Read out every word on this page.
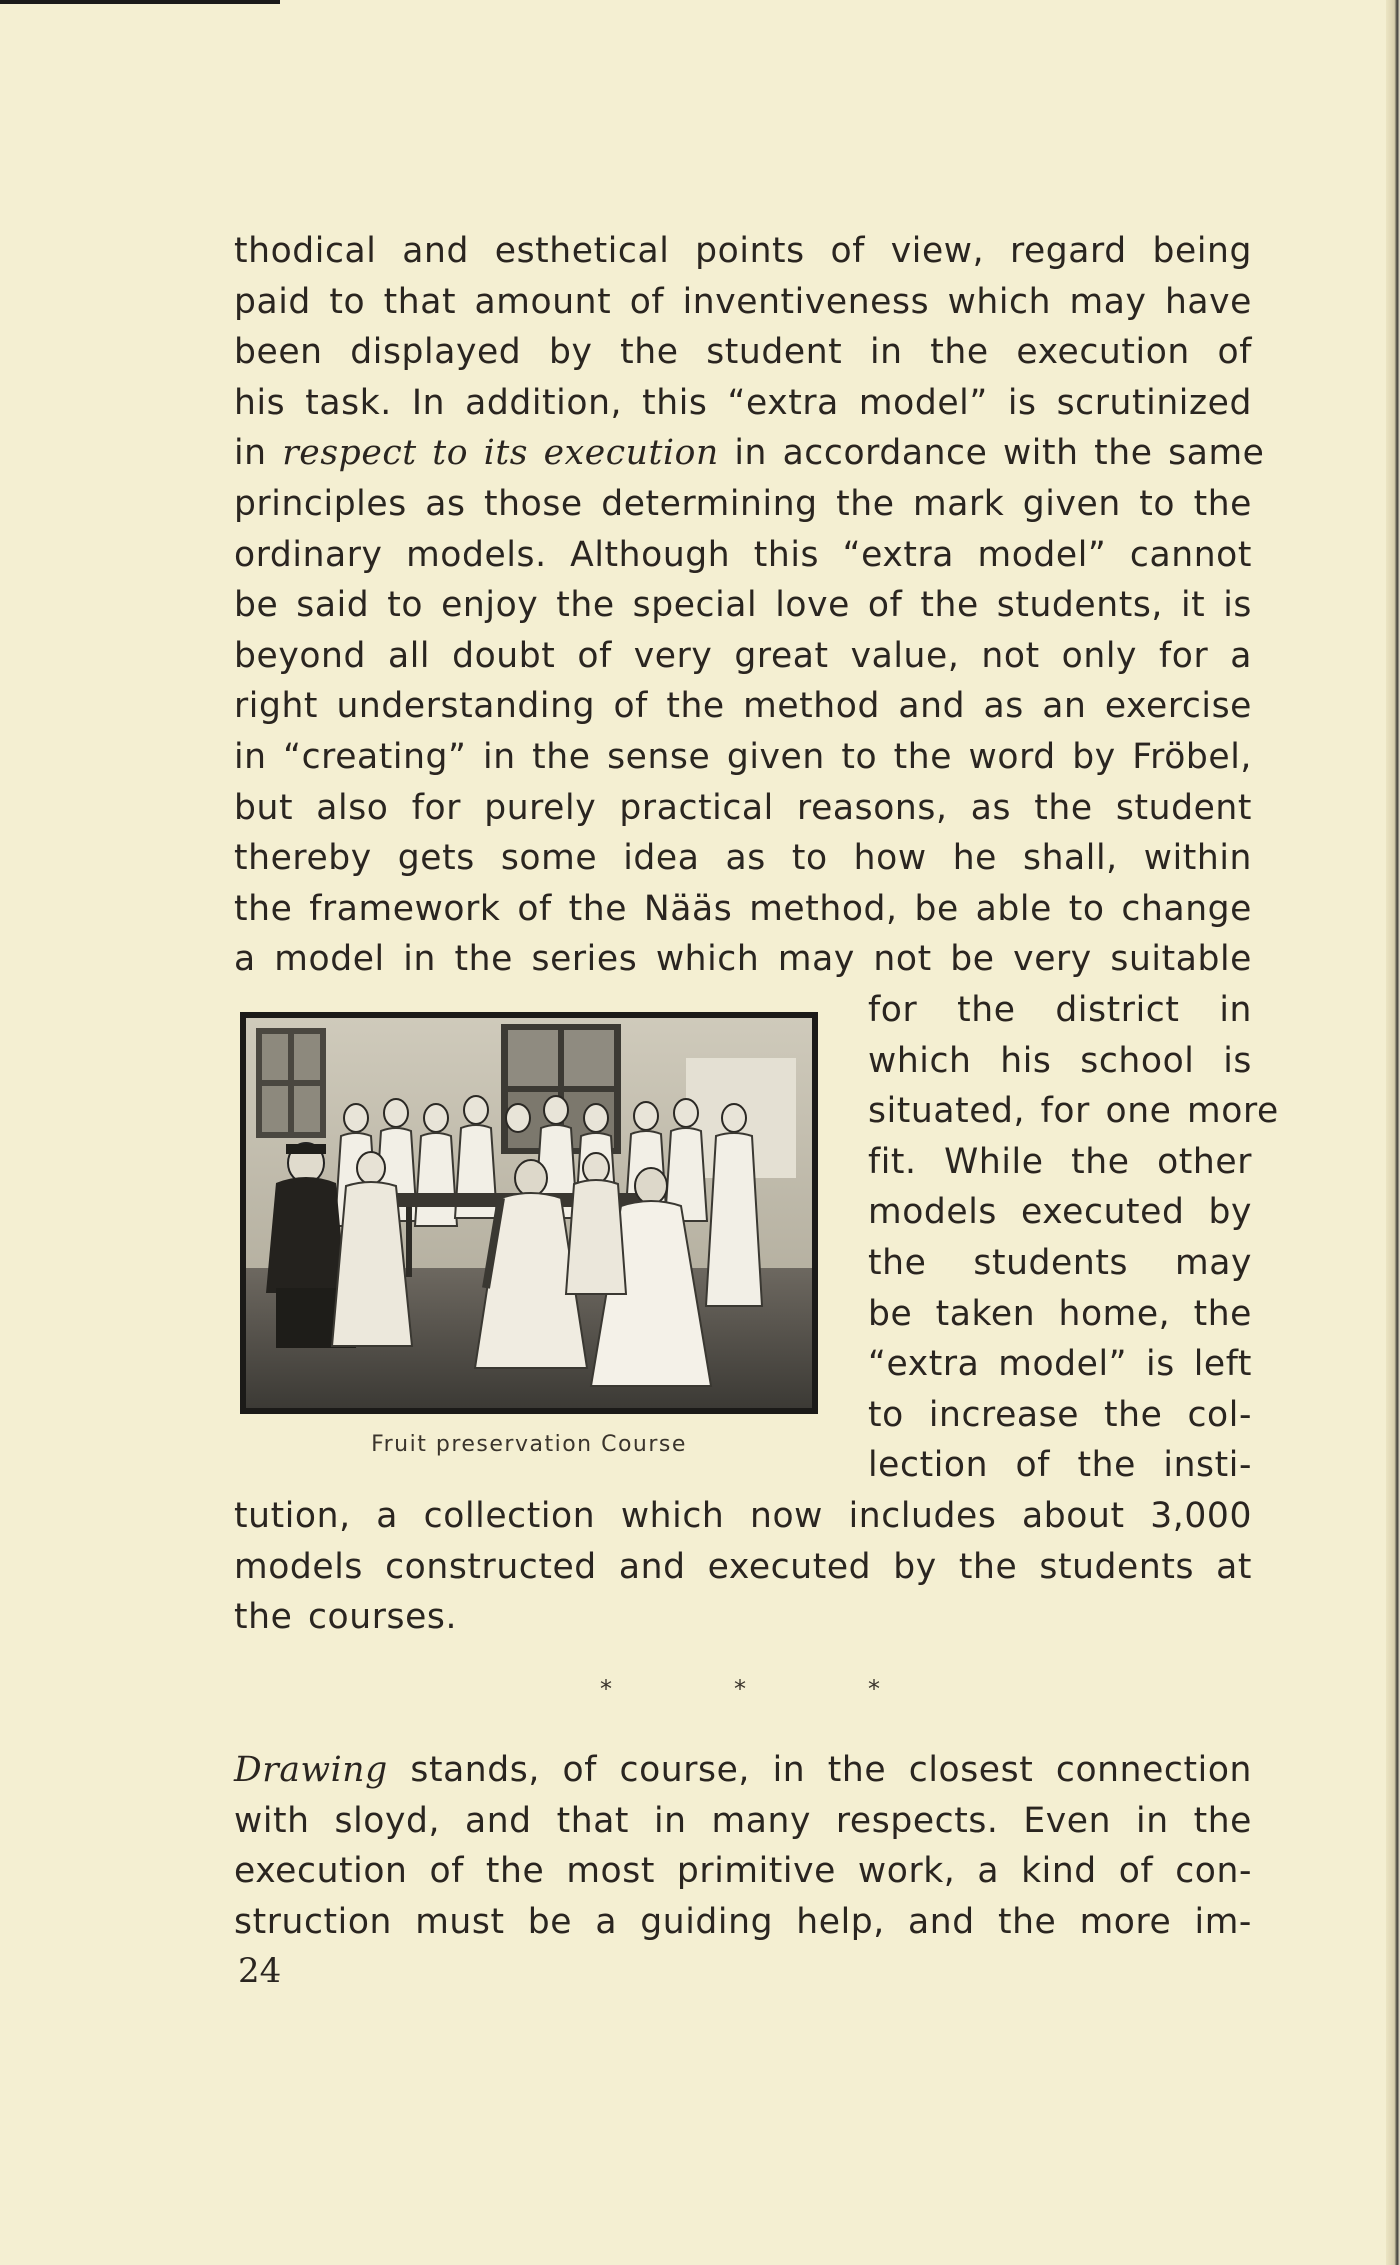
thodical and esthetical points of view, regard being
paid to that amount of inventiveness which may have
been displayed by the student in the execution of
his task. In addition, this “extra model” is scrutinized
in respect to its execution in accordance with the same
principles as those determining the mark given to the
ordinary models. Although this “extra model” cannot
be said to enjoy the special love of the students, it is
beyond all doubt of very great value, not only for a
right understanding of the method and as an exercise
in “creating” in the sense given to the word by Fröbel,
but also for purely practical reasons, as the student
thereby gets some idea as to how he shall, within
the framework of the Nääs method, be able to change
a model in the series which may not be very suitable
for the district in
which his school is
situated, for one more
fit. While the other
models executed by
the students may
be taken home, the
“extra model” is left
to increase the col-
lection of the insti-
tution, a collection which now includes about 3,000
models constructed and executed by the students at
the courses.
*	*	*
Drawing stands, of course, in the closest connection
with sloyd, and that in many respects. Even in the
execution of the most primitive work, a kind of con-
struction must be a guiding help, and the more im-
Fruit preservation Course
24
